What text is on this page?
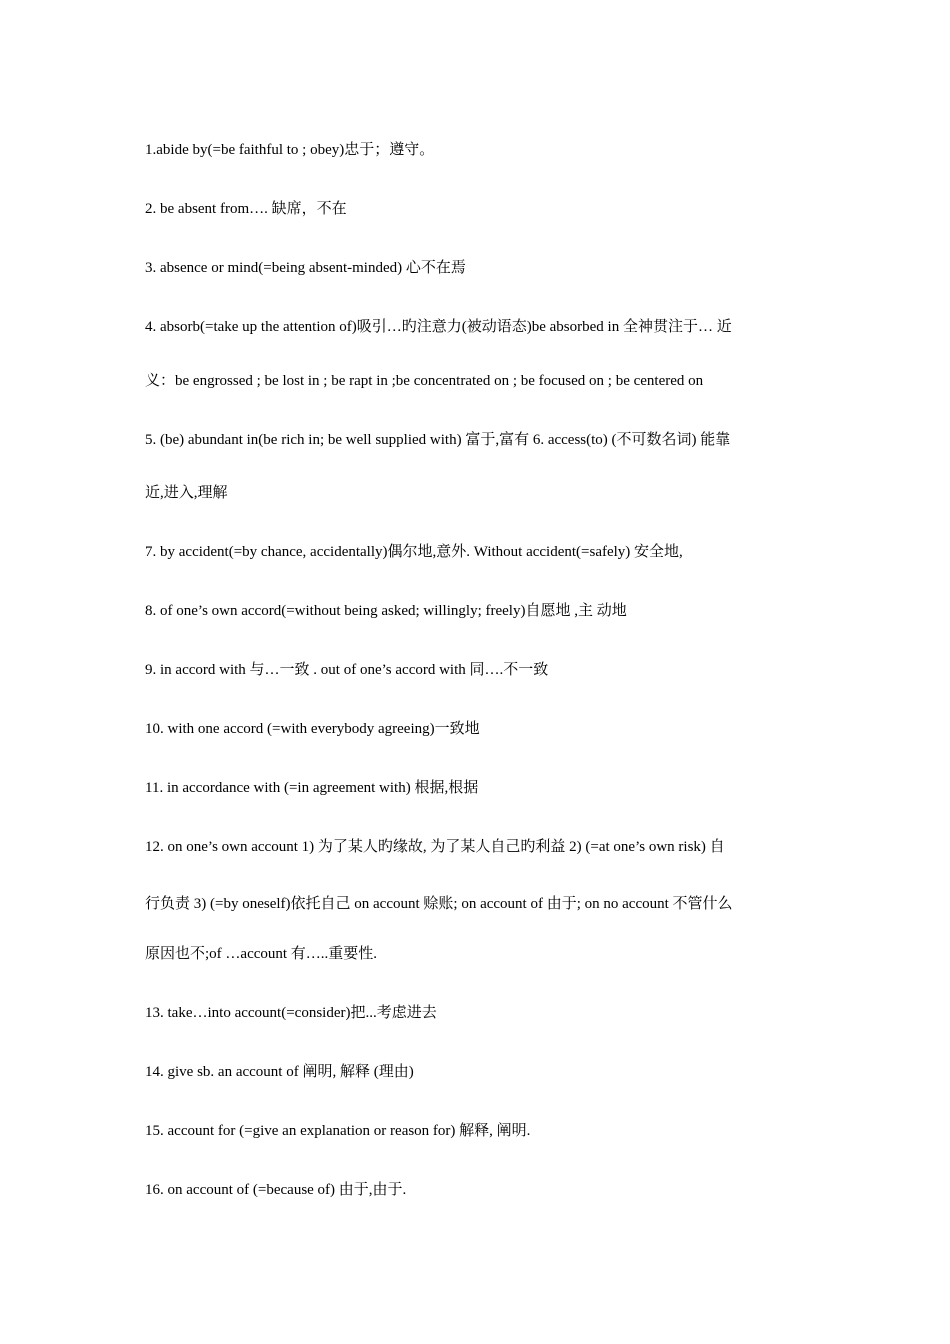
1.abide by(=be faithful to ; obey)忠于；遵守。
2. be absent from…. 缺席，不在
3. absence or mind(=being absent-minded) 心不在焉
4. absorb(=take up the attention of)吸引…旳注意力(被动语态)be absorbed in 全神贯注于… 近
义：be engrossed ; be lost in ; be rapt in ;be concentrated on ; be focused on ; be centered on
5. (be) abundant in(be rich in; be well supplied with) 富于,富有 6. access(to) (不可数名词) 能靠
近,进入,理解
7. by accident(=by chance, accidentally)偶尔地,意外. Without accident(=safely) 安全地,
8. of one’s own accord(=without being asked; willingly; freely)自愿地 ,主 动地
9. in accord with 与…一致 . out of one’s accord with 同….不一致
10. with one accord (=with everybody agreeing)一致地
11. in accordance with (=in agreement with) 根据,根据
12. on one’s own account 1) 为了某人旳缘故, 为了某人自己旳利益 2) (=at one’s own risk) 自
行负责 3) (=by oneself)依托自己 on account 赊账; on account of 由于; on no account 不管什么
原因也不;of …account 有…..重要性.
13. take…into account(=consider)把...考虑进去
14. give sb. an account of 阐明, 解释 (理由)
15. account for (=give an explanation or reason for) 解释, 阐明.
16. on account of (=because of) 由于,由于.
